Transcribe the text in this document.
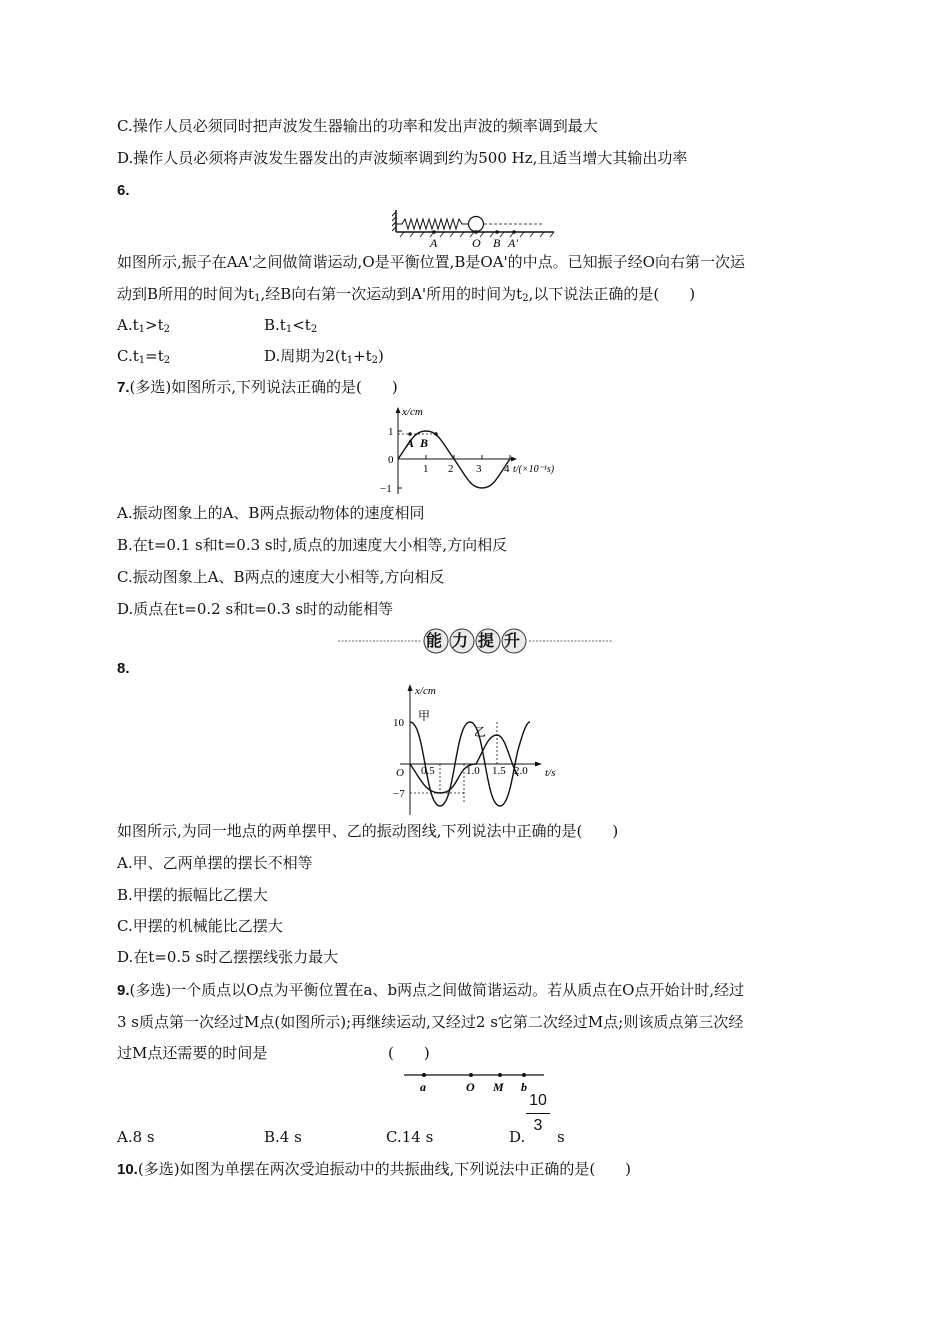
C.操作人员必须同时把声波发生器输出的功率和发出声波的频率调到最大
D.操作人员必须将声波发生器发出的声波频率调到约为500 Hz,且适当增大其输出功率
6.
A	O B A'
如图所示,振子在AA'之间做简谐运动,O是平衡位置,B是OA'的中点。已知振子经O向右第一次运
动到B所用的时间为$t_1$,经B向右第一次运动到A'所用的时间为$t_2$,以下说法正确的是(　　)
$A.t_1>t_2$	$B.t_1<t_2$
$C.t_1=t_2$	D.周期为$2(t_1+t_2)$
7.(多选)如图所示,下列说法正确的是(　　)
A B
x/cm
1
0
−1
1 2 3 4 t/(×10⁻¹s)
A.振动图象上的A、B两点振动物体的速度相同
B.在t=0.1 s和t=0.3 s时,质点的加速度大小相等,方向相反
C.振动图象上A、B两点的速度大小相等,方向相反
D.质点在t=0.2 s和t=0.3 s时的动能相等
能力提升
8.
x/cm
10
−7
甲
乙
O 0.5	1.0 1.5 2.0 t/s
如图所示,为同一地点的两单摆甲、乙的振动图线,下列说法中正确的是(　　)
A.甲、乙两单摆的摆长不相等
B.甲摆的振幅比乙摆大
C.甲摆的机械能比乙摆大
D.在t=0.5 s时乙摆摆线张力最大
9.(多选)一个质点以O点为平衡位置在a、b两点之间做简谐运动。若从质点在O点开始计时,经过
3 s质点第一次经过M点(如图所示);再继续运动,又经过2 s它第二次经过M点;则该质点第三次经
过M点还需要的时间是	(　　)
a	O M b
A.8 s	B.4 s	C.14 s	D.
10
3
s
10.(多选)如图为单摆在两次受迫振动中的共振曲线,下列说法中正确的是(　　)
